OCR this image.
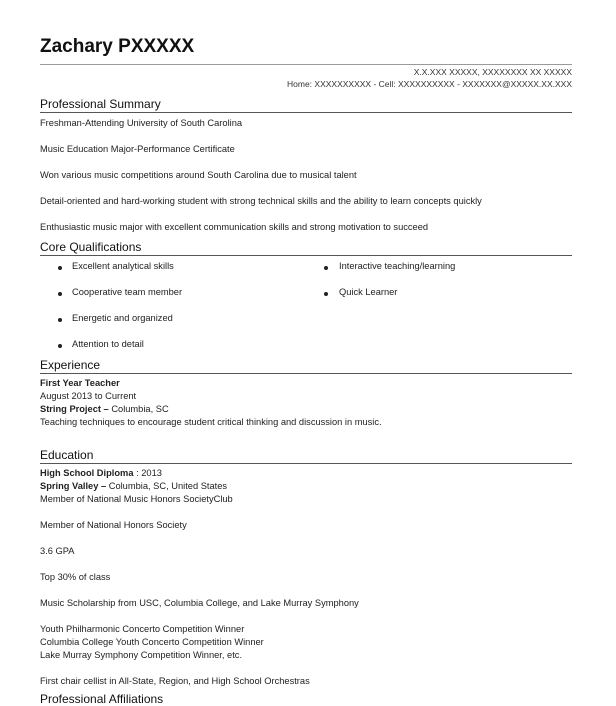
Zachary PXXXXX
X.X.XXX XXXXX, XXXXXXXX XX XXXXX
Home: XXXXXXXXXX - Cell: XXXXXXXXXX - XXXXXXX@XXXXX.XX.XXX
Professional Summary
Freshman-Attending University of South Carolina
Music Education Major-Performance Certificate
Won various music competitions around South Carolina due to musical talent
Detail-oriented and hard-working student with strong technical skills and the ability to learn concepts quickly
Enthusiastic music major with excellent communication skills and strong motivation to succeed
Core Qualifications
Excellent analytical skills
Cooperative team member
Energetic and organized
Attention to detail
Interactive teaching/learning
Quick Learner
Experience
First Year Teacher
August 2013 to Current
String Project – Columbia, SC
Teaching techniques to encourage student critical thinking and discussion in music.
Education
High School Diploma : 2013
Spring Valley – Columbia, SC, United States
Member of National Music Honors SocietyClub
Member of National Honors Society
3.6 GPA
Top 30% of class
Music Scholarship from USC, Columbia College, and Lake Murray Symphony
Youth Philharmonic Concerto Competition Winner
Columbia College Youth Concerto Competition Winner
Lake Murray Symphony Competition Winner, etc.
First chair cellist in All-State, Region, and High School Orchestras
Professional Affiliations
